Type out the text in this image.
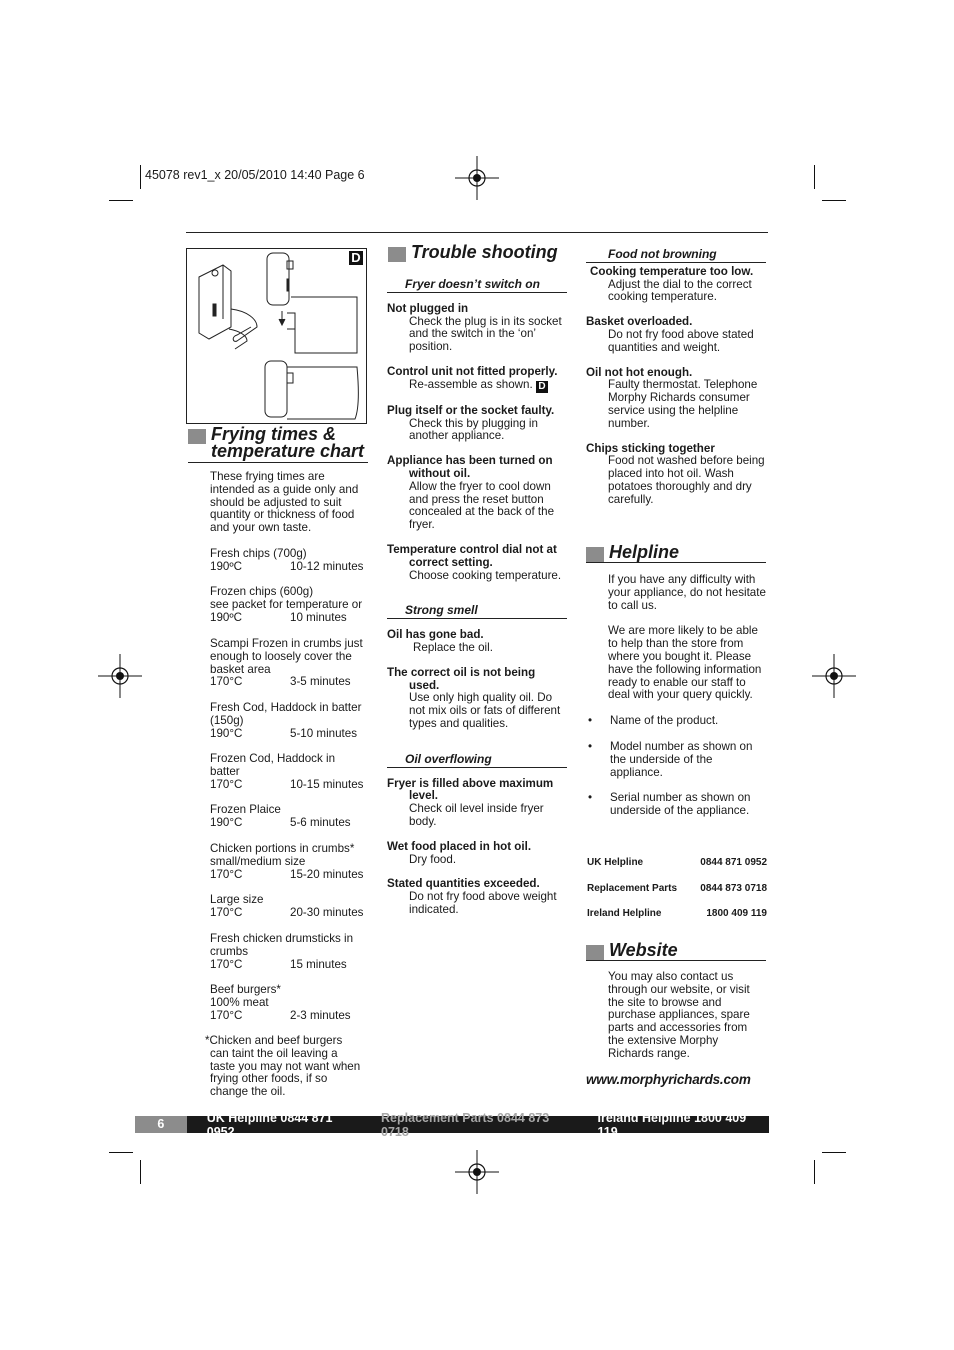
45078 rev1_x 20/05/2010 14:40 Page 6
D
Frying times &
temperature chart
These frying times are
intended as a guide only and
should be adjusted to suit
quantity or thickness of food
and your own taste.
Fresh chips (700g)
190ºC	10-12 minutes
Frozen chips (600g)
see packet for temperature or
190ºC	10 minutes
Scampi Frozen in crumbs just
enough to loosely cover the
basket area
170°C	3-5 minutes
Fresh Cod, Haddock in batter
(150g)
190°C	5-10 minutes
Frozen Cod, Haddock in
batter
170°C	10-15 minutes
Frozen Plaice
190°C	5-6 minutes
Chicken portions in crumbs*
small/medium size
170°C	15-20 minutes
Large size
170°C	20-30 minutes
Fresh chicken drumsticks in
crumbs
170°C	15 minutes
Beef burgers*
100% meat
170°C	2-3 minutes
*Chicken and beef burgers
can taint the oil leaving a
taste you may not want when
frying other foods, if so
change the oil.
Trouble shooting
Fryer doesn’t switch on
Not plugged in
Check the plug is in its socket and the switch in the ‘on’ position.
Control unit not fitted properly.
Re-assemble as shown. D
Plug itself or the socket faulty.
Check this by plugging in another appliance.
Appliance has been turned on without oil.
Allow the fryer to cool down and press the reset button concealed at the back of the fryer.
Temperature control dial not at correct setting.
Choose cooking temperature.
Strong smell
Oil has gone bad.
Replace the oil.
The correct oil is not being used.
Use only high quality oil. Do not mix oils or fats of different types and qualities.
Oil overflowing
Fryer is filled above maximum level.
Check oil level inside fryer body.
Wet food placed in hot oil.
Dry food.
Stated quantities exceeded.
Do not fry food above weight indicated.
Food not browning
Cooking temperature too low.
Adjust the dial to the correct cooking temperature.
Basket overloaded.
Do not fry food above stated quantities and weight.
Oil not hot enough.
Faulty thermostat. Telephone Morphy Richards consumer service using the helpline number.
Chips sticking together
Food not washed before being placed into hot oil. Wash potatoes thoroughly and dry carefully.
Helpline
If you have any difficulty with your appliance, do not hesitate to call us.
We are more likely to be able to help than the store from where you bought it. Please have the following information ready to enable our staff to deal with your query quickly.
•	Name of the product.
•	Model number as shown on the underside of the appliance.
•	Serial number as shown on underside of the appliance.
UK Helpline	0844 871 0952
Replacement Parts 0844 873 0718
Ireland Helpline	1800 409 119
Website
You may also contact us through our website, or visit the site to browse and purchase appliances, spare parts and accessories from the extensive Morphy Richards range.
www.morphyrichards.com
6	UK Helpline 0844 871 0952
Replacement Parts 0844 873 0718
Ireland Helpline 1800 409 119
